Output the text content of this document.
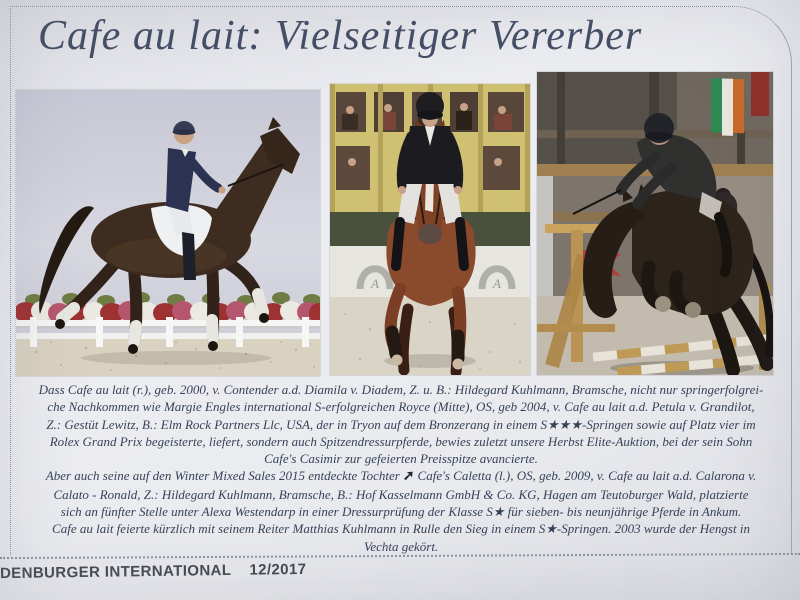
Cafe au lait: Vielseitiger Vererber
A	A
Dass Cafe au lait (r.), geb. 2000, v. Contender a.d. Diamila v. Diadem, Z. u. B.: Hildegard Kuhlmann, Bramsche, nicht nur springerfolgrei-
che Nachkommen wie Margie Engles international S-erfolgreichen Royce (Mitte), OS, geb 2004, v. Cafe au lait a.d. Petula v. Grandilot,
Z.: Gestüt Lewitz, B.: Elm Rock Partners Llc, USA, der in Tryon auf dem Bronzerang in einem S★★★-Springen sowie auf Platz vier im
Rolex Grand Prix begeisterte, liefert, sondern auch Spitzendressurpferde, bewies zuletzt unsere Herbst Elite-Auktion, bei der sein Sohn
Cafe's Casimir zur gefeierten Preisspitze avancierte.
Aber auch seine auf den Winter Mixed Sales 2015 entdeckte Tochter ➚ Cafe's Caletta (l.), OS, geb. 2009, v. Cafe au lait a.d. Calarona v.
Calato - Ronald, Z.: Hildegard Kuhlmann, Bramsche, B.: Hof Kasselmann GmbH & Co. KG, Hagen am Teutoburger Wald, platzierte
sich an fünfter Stelle unter Alexa Westendarp in einer Dressurprüfung der Klasse S★ für sieben- bis neunjährige Pferde in Ankum.
Cafe au lait feierte kürzlich mit seinem Reiter Matthias Kuhlmann in Rulle den Sieg in einem S★-Springen. 2003 wurde der Hengst in
Vechta gekört.
DENBURGER INTERNATIONAL 12/2017
